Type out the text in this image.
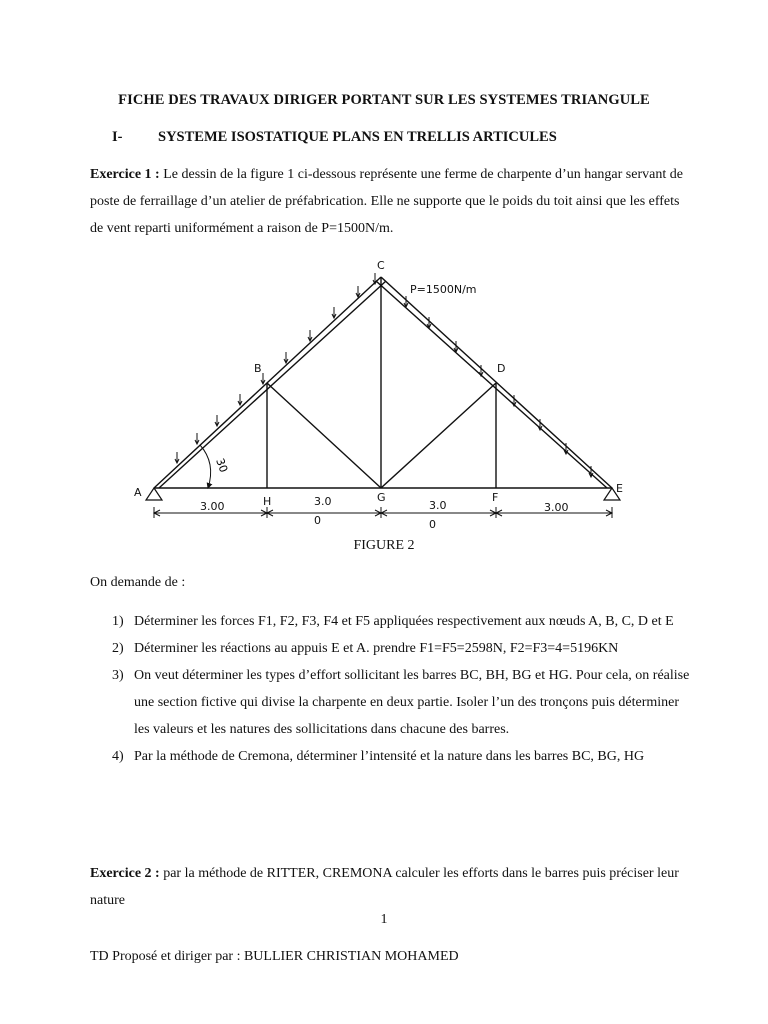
FICHE DES TRAVAUX DIRIGER PORTANT SUR LES SYSTEMES TRIANGULE
I- SYSTEME ISOSTATIQUE PLANS EN TRELLIS ARTICULES
Exercice 1 : Le dessin de la figure 1 ci-dessous représente une ferme de charpente d’un hangar servant de poste de ferraillage d’un atelier de préfabrication. Elle ne supporte que le poids du toit ainsi que les effets de vent reparti uniformément a raison de P=1500N/m.
30
A
B
C
D
E
F
G
H
P=1500N/m
3.00	3.0
0
3.0
0
3.00
FIGURE 2
On demande de :
1) Déterminer les forces F1, F2, F3, F4 et F5 appliquées respectivement aux nœuds A, B, C, D et E
2) Déterminer les réactions au appuis E et A. prendre F1=F5=2598N, F2=F3=4=5196KN
3) On veut déterminer les types d’effort sollicitant les barres BC, BH, BG et HG. Pour cela, on réalise une section fictive qui divise la charpente en deux partie. Isoler l’un des tronçons puis déterminer les valeurs et les natures des sollicitations dans chacune des barres.
4) Par la méthode de Cremona, déterminer l’intensité et la nature dans les barres BC, BG, HG
Exercice 2 : par la méthode de RITTER, CREMONA calculer les efforts dans le barres puis préciser leur nature
1
TD Proposé et diriger par : BULLIER CHRISTIAN MOHAMED
